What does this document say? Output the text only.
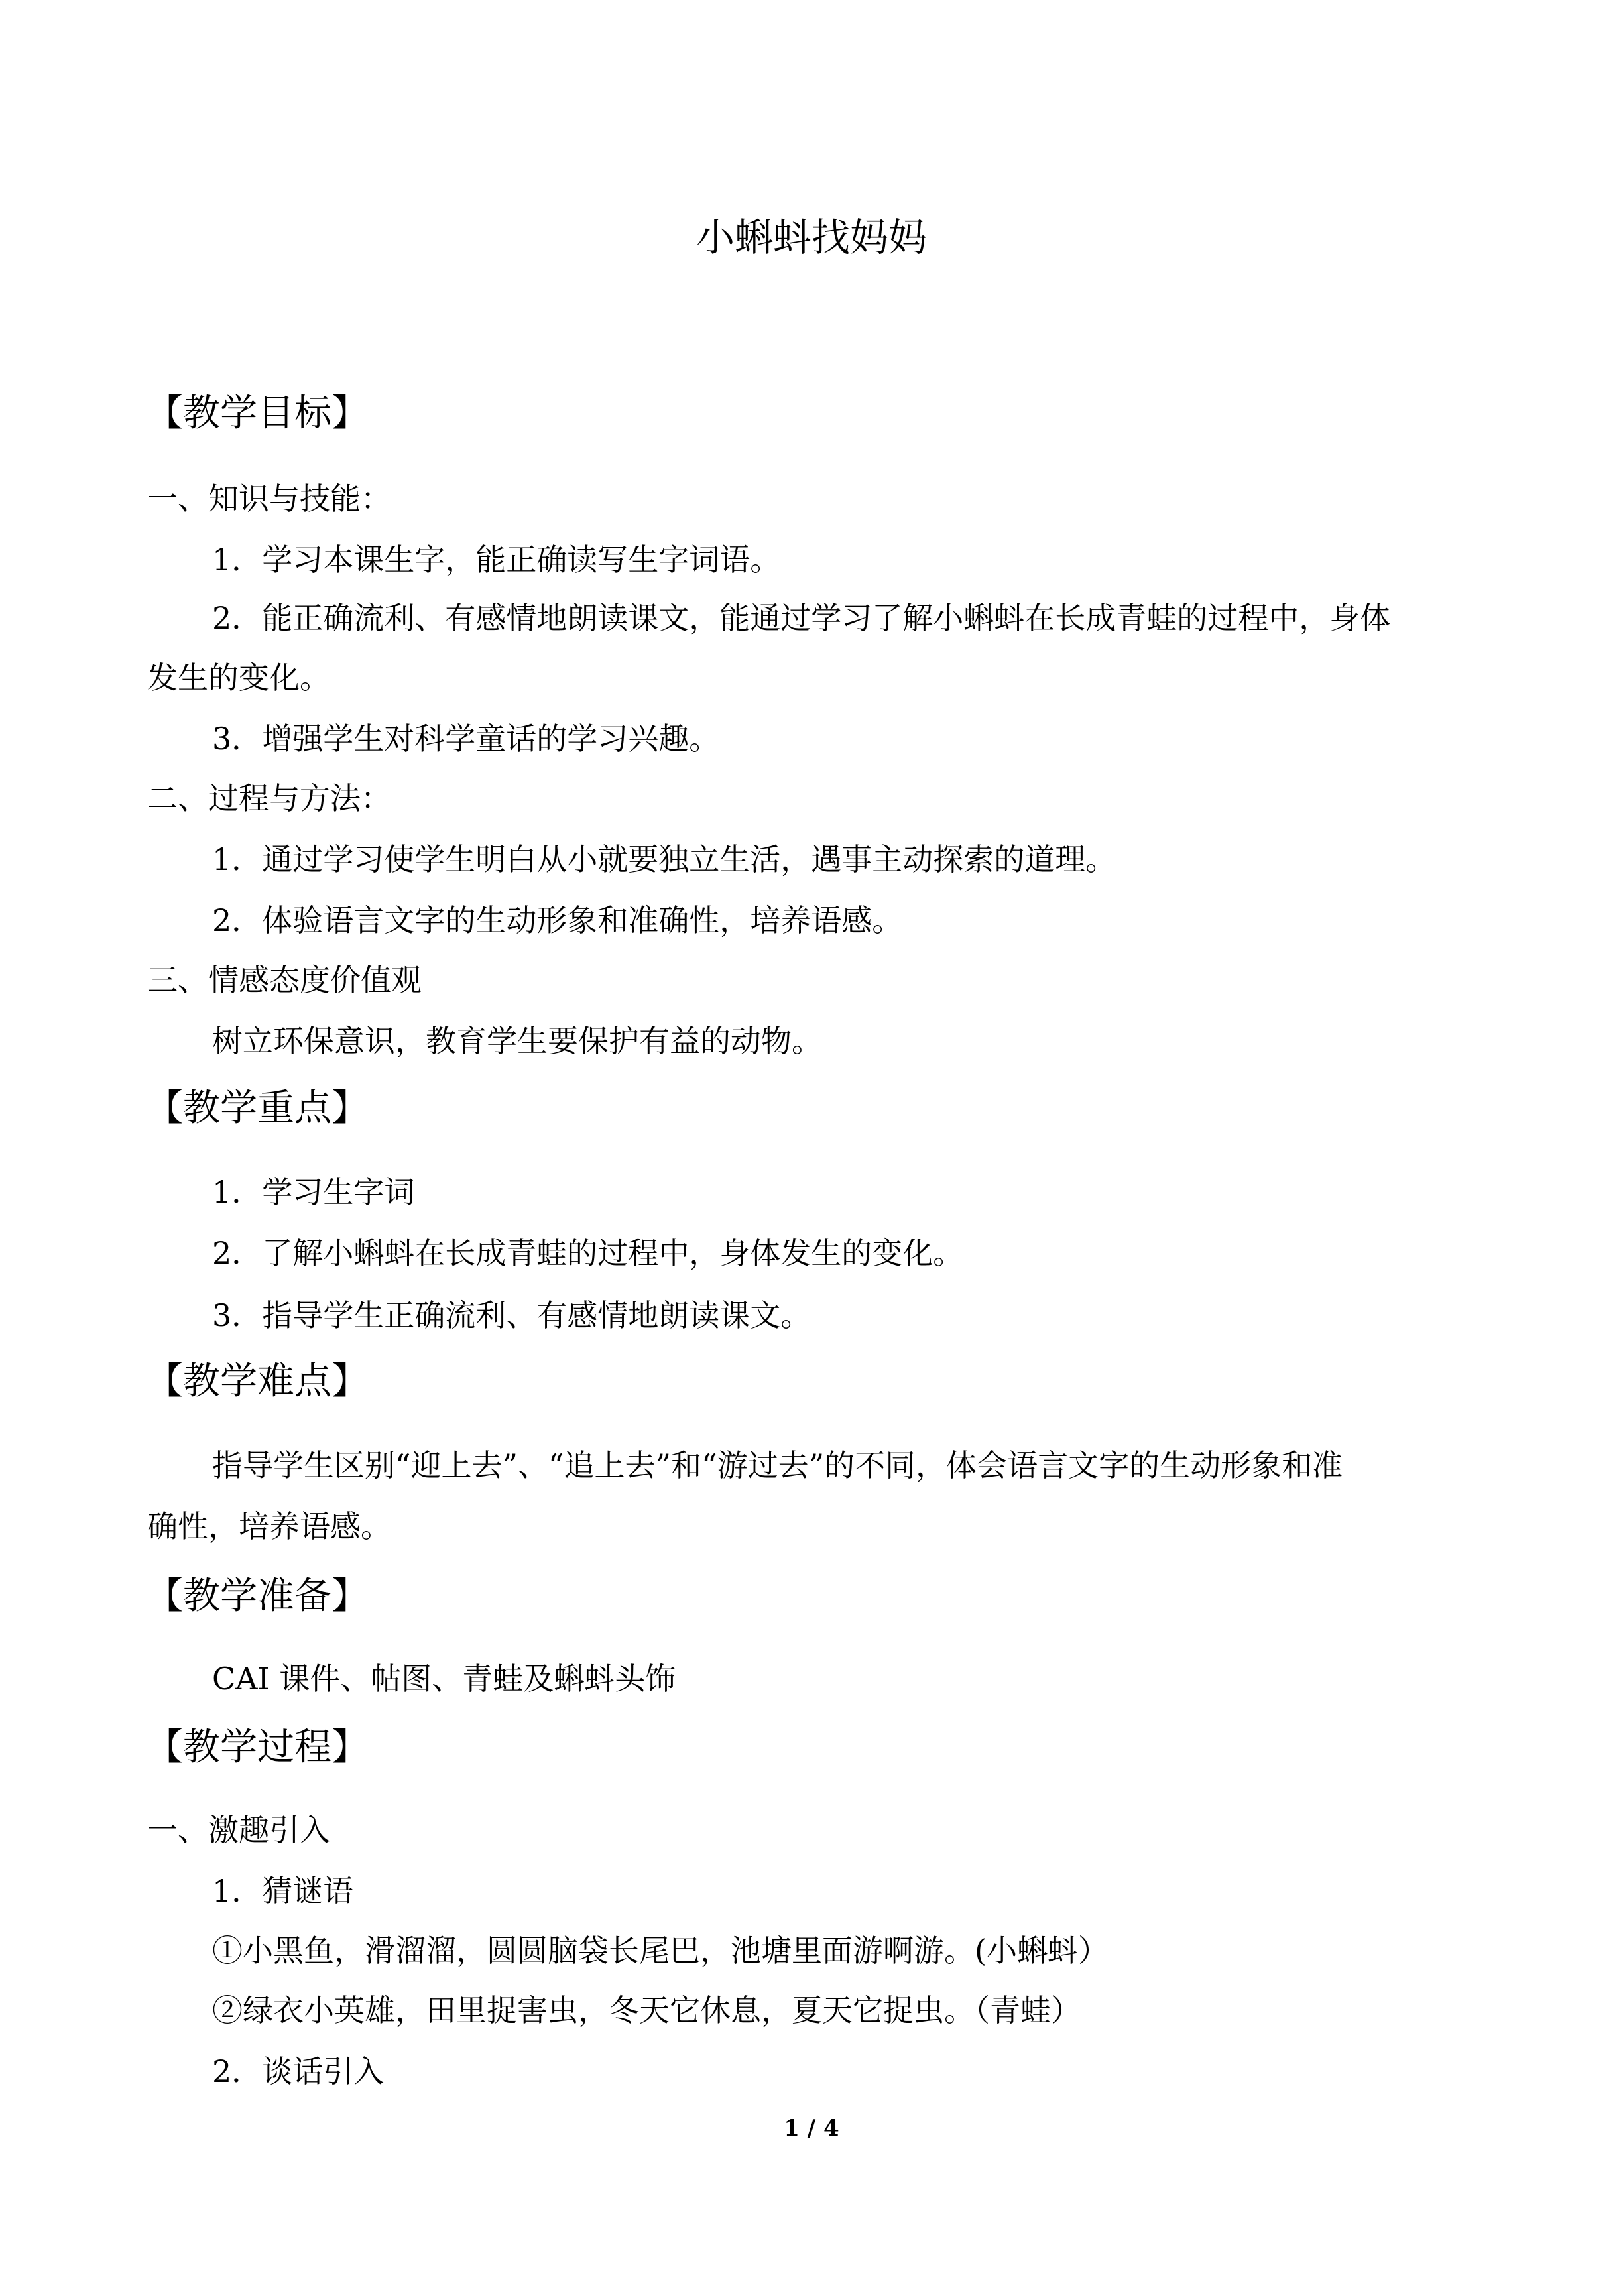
小蝌蚪找妈妈
【教学目标】
一、知识与技能：
1．学习本课生字，能正确读写生字词语。
2．能正确流利、有感情地朗读课文，能通过学习了解小蝌蚪在长成青蛙的过程中，身体
发生的变化。
3．增强学生对科学童话的学习兴趣。
二、过程与方法：
1．通过学习使学生明白从小就要独立生活，遇事主动探索的道理。
2．体验语言文字的生动形象和准确性，培养语感。
三、情感态度价值观
树立环保意识，教育学生要保护有益的动物。
【教学重点】
1．学习生字词
2．了解小蝌蚪在长成青蛙的过程中，身体发生的变化。
3．指导学生正确流利、有感情地朗读课文。
【教学难点】
指导学生区别“迎上去”、“追上去”和“游过去”的不同，体会语言文字的生动形象和准
确性，培养语感。
【教学准备】
CAI 课件、帖图、青蛙及蝌蚪头饰
【教学过程】
一、激趣引入
1．猜谜语
①小黑鱼，滑溜溜，圆圆脑袋长尾巴，池塘里面游啊游。(小蝌蚪）
②绿衣小英雄，田里捉害虫，冬天它休息，夏天它捉虫。（青蛙）
2．谈话引入
1 / 4
